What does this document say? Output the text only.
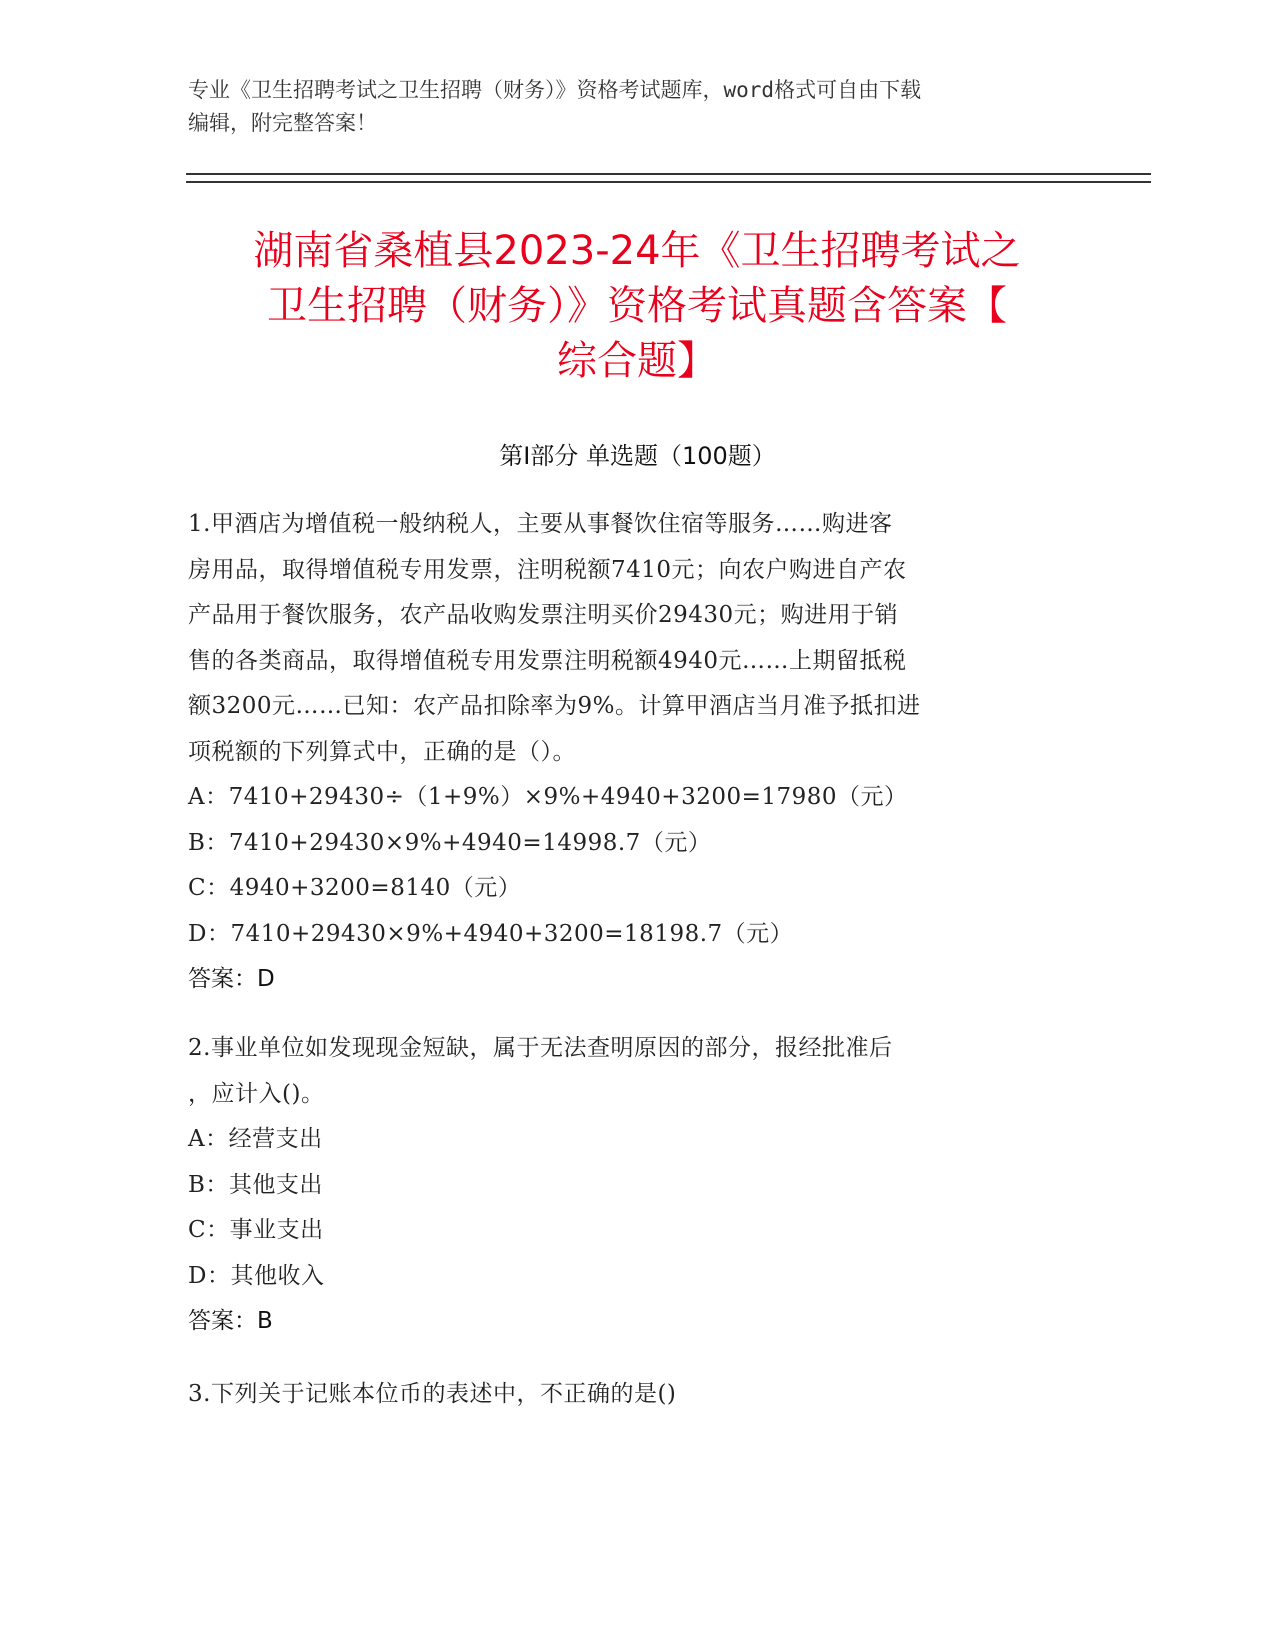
专业《卫生招聘考试之卫生招聘（财务）》资格考试题库，word格式可自由下载
编辑，附完整答案！
湖南省桑植县2023-24年《卫生招聘考试之
卫生招聘（财务）》资格考试真题含答案【
综合题】
第Ⅰ部分 单选题（100题）
1.甲酒店为增值税一般纳税人，主要从事餐饮住宿等服务……购进客
房用品，取得增值税专用发票，注明税额7410元；向农户购进自产农
产品用于餐饮服务，农产品收购发票注明买价29430元；购进用于销
售的各类商品，取得增值税专用发票注明税额4940元……上期留抵税
额3200元……已知：农产品扣除率为9%。计算甲酒店当月准予抵扣进
项税额的下列算式中，正确的是（）。
A：7410+29430÷（1+9%）×9%+4940+3200=17980（元）
B：7410+29430×9%+4940=14998.7（元）
C：4940+3200=8140（元）
D：7410+29430×9%+4940+3200=18198.7（元）
答案：D
2.事业单位如发现现金短缺，属于无法查明原因的部分，报经批准后
，应计入()。
A：经营支出
B：其他支出
C：事业支出
D：其他收入
答案：B
3.下列关于记账本位币的表述中，不正确的是()
